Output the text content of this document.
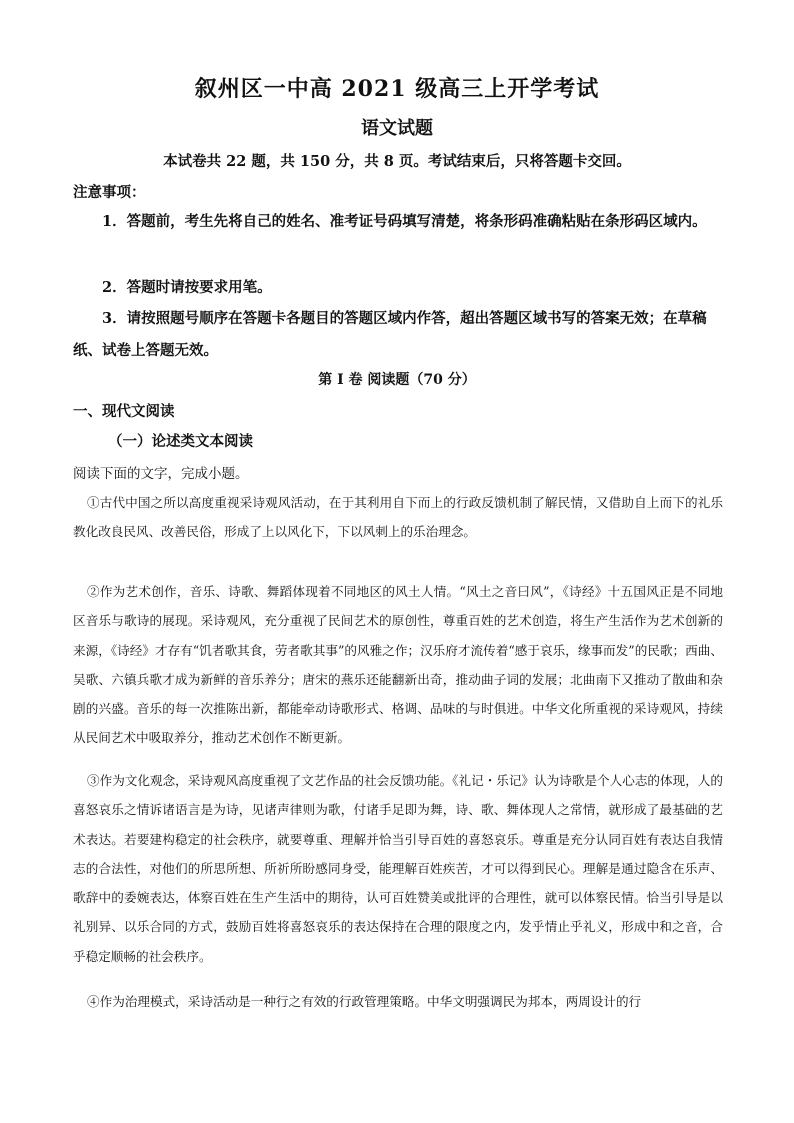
叙州区一中高 2021 级高三上开学考试
语文试题
本试卷共 22 题，共 150 分，共 8 页。考试结束后，只将答题卡交回。
注意事项：
1．答题前，考生先将自己的姓名、准考证号码填写清楚，将条形码准确粘贴在条形码区域内。
2．答题时请按要求用笔。
3．请按照题号顺序在答题卡各题目的答题区域内作答，超出答题区域书写的答案无效；在草稿纸、试卷上答题无效。
第 I 卷 阅读题（70 分）
一、现代文阅读
（一）论述类文本阅读
阅读下面的文字，完成小题。
①古代中国之所以高度重视采诗观风活动，在于其利用自下而上的行政反馈机制了解民情，又借助自上而下的礼乐教化改良民风、改善民俗，形成了上以风化下，下以风刺上的乐治理念。
②作为艺术创作，音乐、诗歌、舞蹈体现着不同地区的风土人情。“风土之音曰风”，《诗经》十五国风正是不同地区音乐与歌诗的展现。采诗观风，充分重视了民间艺术的原创性，尊重百姓的艺术创造，将生产生活作为艺术创新的来源，《诗经》才存有“饥者歌其食，劳者歌其事”的风雅之作；汉乐府才流传着“感于哀乐，缘事而发”的民歌；西曲、吴歌、六镇兵歌才成为新鲜的音乐养分；唐宋的燕乐还能翻新出奇，推动曲子词的发展；北曲南下又推动了散曲和杂剧的兴盛。音乐的每一次推陈出新，都能牵动诗歌形式、格调、品味的与时俱进。中华文化所重视的采诗观风，持续从民间艺术中吸取养分，推动艺术创作不断更新。
③作为文化观念，采诗观风高度重视了文艺作品的社会反馈功能。《礼记・乐记》认为诗歌是个人心志的体现，人的喜怒哀乐之情诉诸语言是为诗，见诸声律则为歌，付诸手足即为舞，诗、歌、舞体现人之常情，就形成了最基础的艺术表达。若要建构稳定的社会秩序，就要尊重、理解并恰当引导百姓的喜怒哀乐。尊重是充分认同百姓有表达自我情志的合法性，对他们的所思所想、所祈所盼感同身受，能理解百姓疾苦，才可以得到民心。理解是通过隐含在乐声、歌辞中的委婉表达，体察百姓在生产生活中的期待，认可百姓赞美或批评的合理性，就可以体察民情。恰当引导是以礼别异、以乐合同的方式，鼓励百姓将喜怒哀乐的表达保持在合理的限度之内，发乎情止乎礼义，形成中和之音，合乎稳定顺畅的社会秩序。
④作为治理模式，采诗活动是一种行之有效的行政管理策略。中华文明强调民为邦本，两周设计的行
